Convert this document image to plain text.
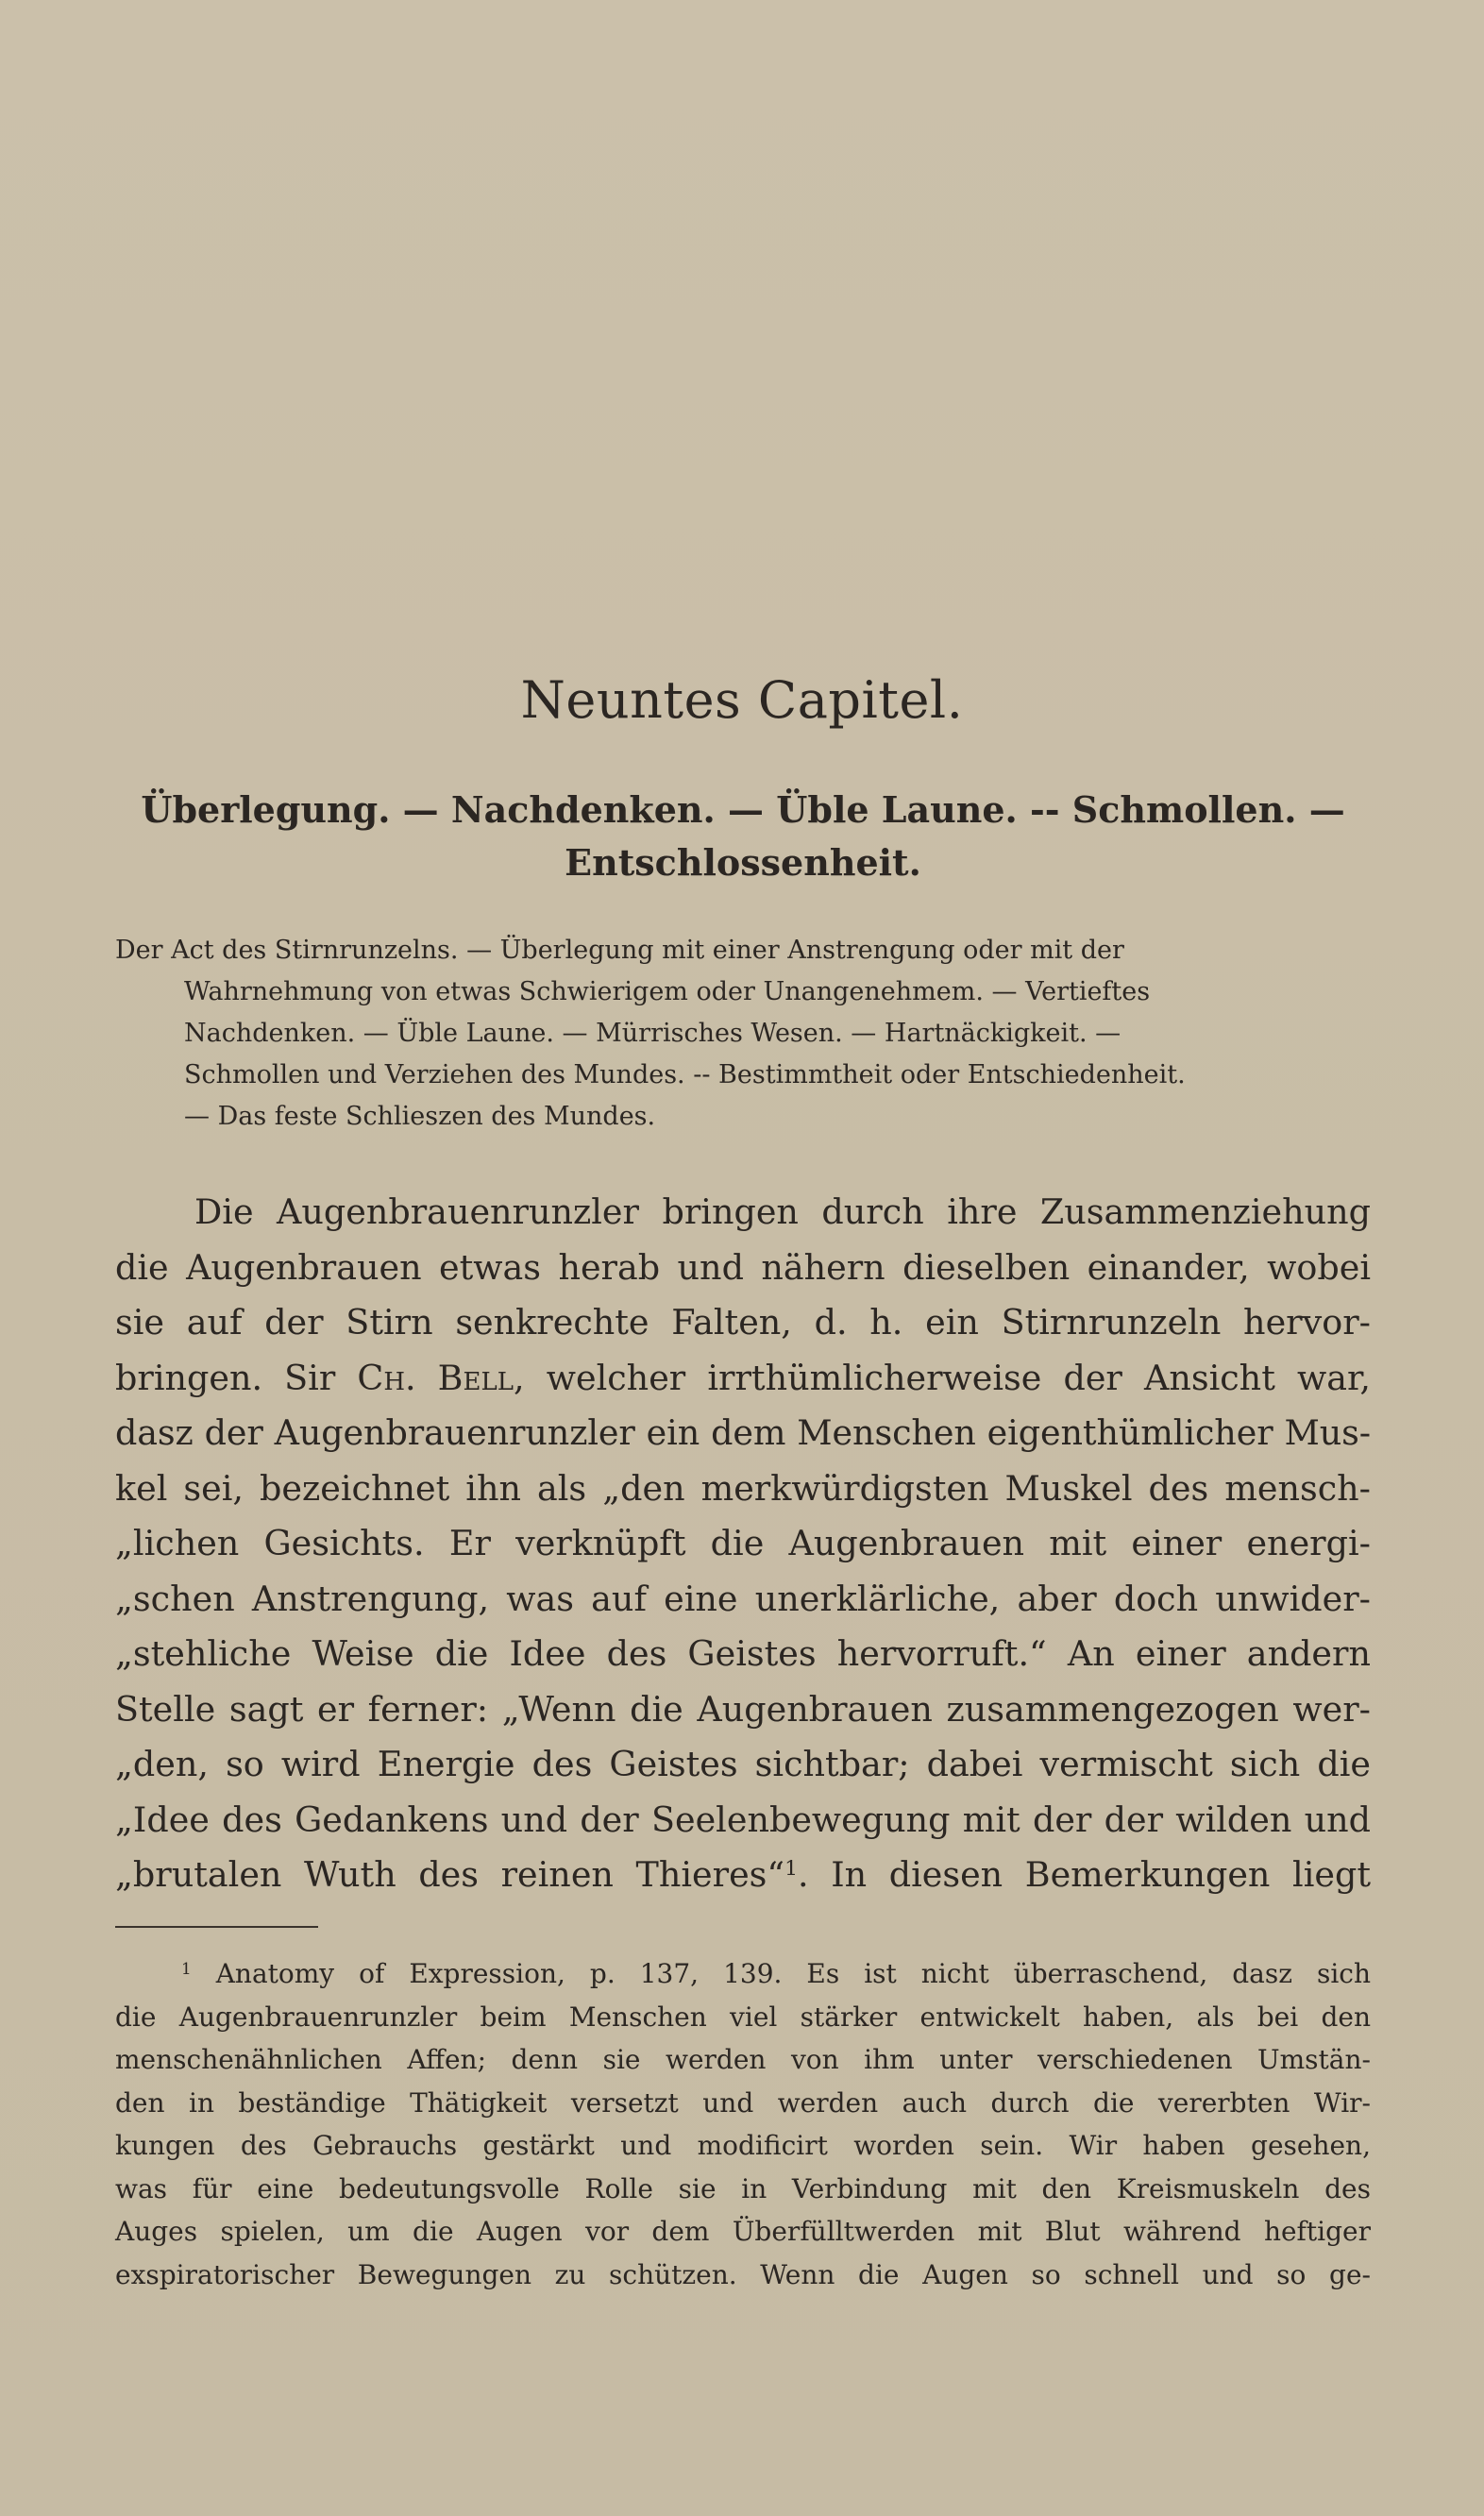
Neuntes Capitel.
Überlegung. — Nachdenken. — Üble Laune. -- Schmollen. —
Entschlossenheit.
Der Act des Stirnrunzelns. — Überlegung mit einer Anstrengung oder mit der
Wahrnehmung von etwas Schwierigem oder Unangenehmem. — Vertieftes
Nachdenken. — Üble Laune. — Mürrisches Wesen. — Hartnäckigkeit. —
Schmollen und Verziehen des Mundes. -- Bestimmtheit oder Entschiedenheit.
— Das feste Schlieszen des Mundes.
Die Augenbrauenrunzler bringen durch ihre Zusammenziehung
die Augenbrauen etwas herab und nähern dieselben einander, wobei
sie auf der Stirn senkrechte Falten, d. h. ein Stirnrunzeln hervor-
bringen. Sir Ch. Bell, welcher irrthümlicherweise der Ansicht war,
dasz der Augenbrauenrunzler ein dem Menschen eigenthümlicher Mus-
kel sei, bezeichnet ihn als „den merkwürdigsten Muskel des mensch-
„lichen Gesichts. Er verknüpft die Augenbrauen mit einer energi-
„schen Anstrengung, was auf eine unerklärliche, aber doch unwider-
„stehliche Weise die Idee des Geistes hervorruft.“ An einer andern
Stelle sagt er ferner: „Wenn die Augenbrauen zusammengezogen wer-
„den, so wird Energie des Geistes sichtbar; dabei vermischt sich die
„Idee des Gedankens und der Seelenbewegung mit der der wilden und
„brutalen Wuth des reinen Thieres“$^1$. In diesen Bemerkungen liegt
$^1$ Anatomy of Expression, p. 137, 139. Es ist nicht überraschend, dasz sich
die Augenbrauenrunzler beim Menschen viel stärker entwickelt haben, als bei den
menschenähnlichen Affen; denn sie werden von ihm unter verschiedenen Umstän-
den in beständige Thätigkeit versetzt und werden auch durch die vererbten Wir-
kungen des Gebrauchs gestärkt und modificirt worden sein. Wir haben gesehen,
was für eine bedeutungsvolle Rolle sie in Verbindung mit den Kreismuskeln des
Auges spielen, um die Augen vor dem Überfülltwerden mit Blut während heftiger
exspiratorischer Bewegungen zu schützen. Wenn die Augen so schnell und so ge-
